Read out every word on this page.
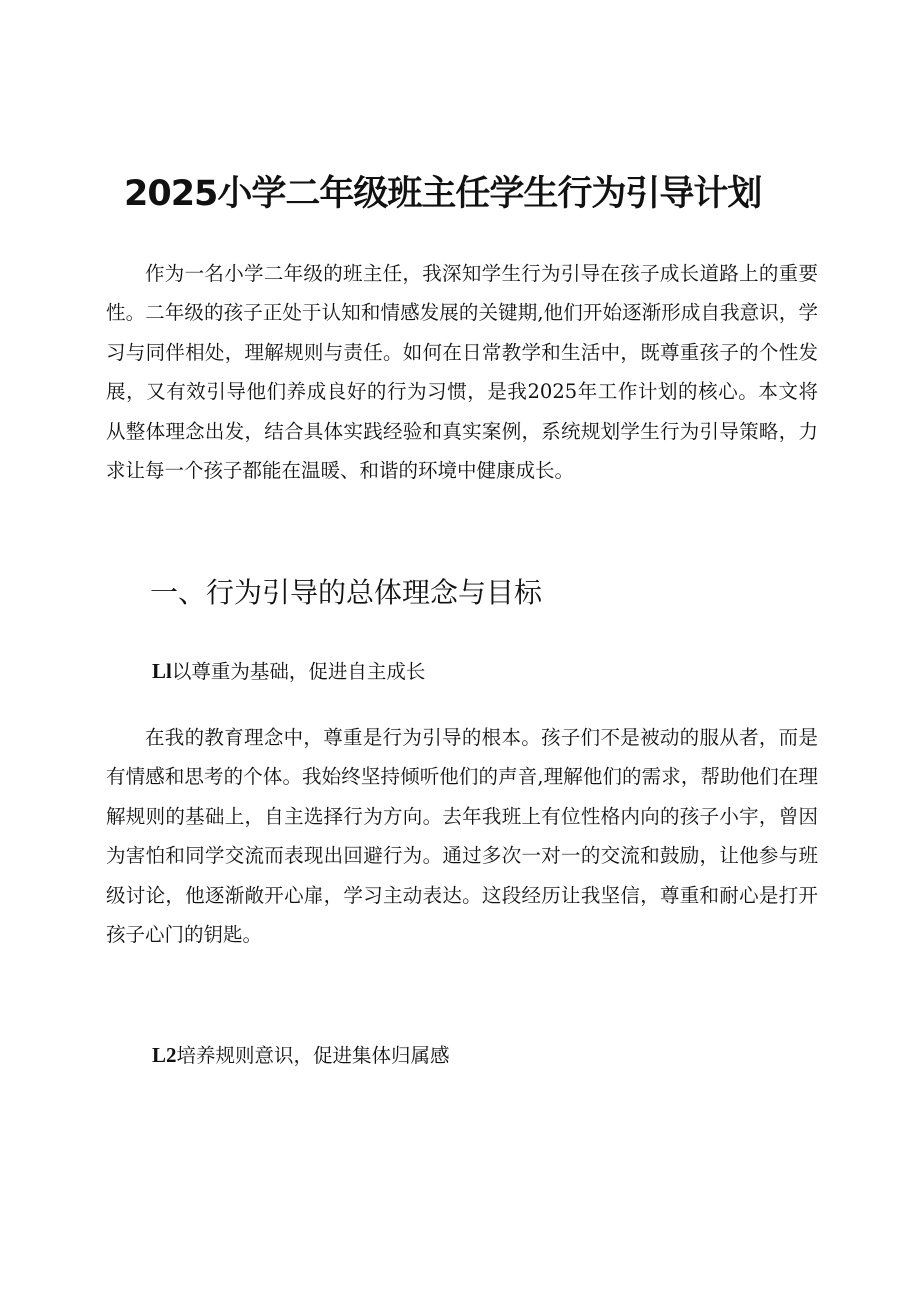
2025小学二年级班主任学生行为引导计划

作为一名小学二年级的班主任，我深知学生行为引导在孩子成长道路上的重要性。二年级的孩子正处于认知和情感发展的关键期,他们开始逐渐形成自我意识，学习与同伴相处，理解规则与责任。如何在日常教学和生活中，既尊重孩子的个性发展，又有效引导他们养成良好的行为习惯，是我2025年工作计划的核心。本文将从整体理念出发，结合具体实践经验和真实案例，系统规划学生行为引导策略，力求让每一个孩子都能在温暖、和谐的环境中健康成长。

一、行为引导的总体理念与目标
Ll以尊重为基础，促进自主成长

在我的教育理念中，尊重是行为引导的根本。孩子们不是被动的服从者，而是有情感和思考的个体。我始终坚持倾听他们的声音,理解他们的需求，帮助他们在理解规则的基础上，自主选择行为方向。去年我班上有位性格内向的孩子小宇，曾因为害怕和同学交流而表现出回避行为。通过多次一对一的交流和鼓励，让他参与班级讨论，他逐渐敞开心扉，学习主动表达。这段经历让我坚信，尊重和耐心是打开孩子心门的钥匙。

L2培养规则意识，促进集体归属感
